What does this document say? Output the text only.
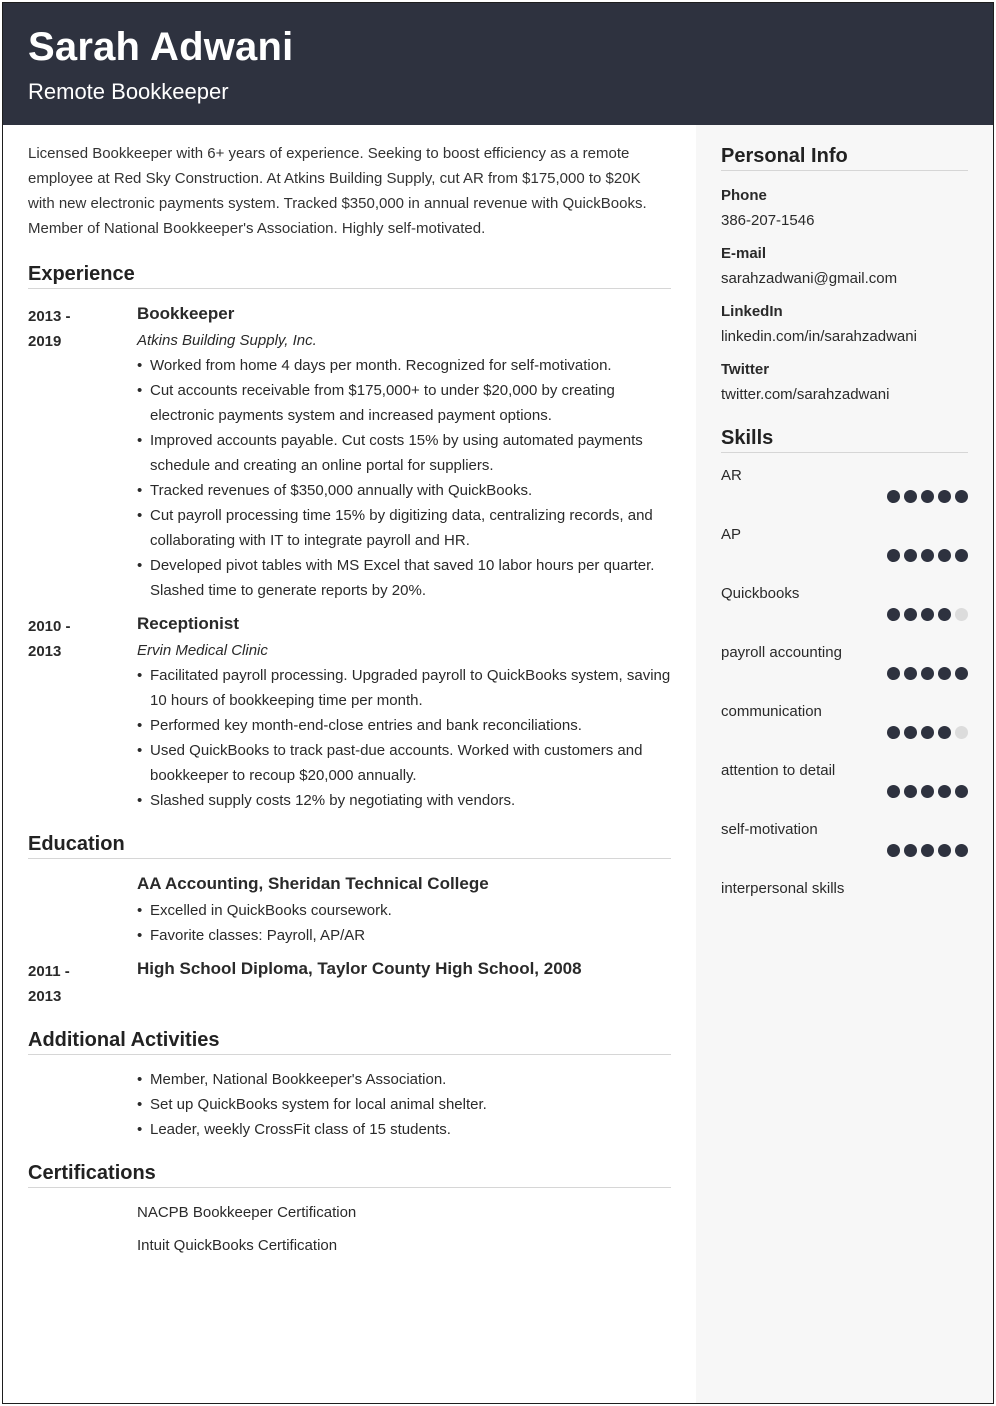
Sarah Adwani
Remote Bookkeeper
Personal Info
Phone
386-207-1546
E-mail
sarahzadwani@gmail.com
LinkedIn
linkedin.com/in/sarahzadwani
Twitter
twitter.com/sarahzadwani
Skills
AR
AP
Quickbooks
payroll accounting
communication
attention to detail
self-motivation
interpersonal skills

Licensed Bookkeeper with 6+ years of experience. Seeking to boost efficiency as a remote employee at Red Sky Construction. At Atkins Building Supply, cut AR from $175,000 to $20K with new electronic payments system. Tracked $350,000 in annual revenue with QuickBooks. Member of National Bookkeeper's Association. Highly self-motivated.

Experience
2013 -
2019
Bookkeeper
Atkins Building Supply, Inc.
• Worked from home 4 days per month. Recognized for self-motivation.
• Cut accounts receivable from $175,000+ to under $20,000 by creating electronic payments system and increased payment options.
• Improved accounts payable. Cut costs 15% by using automated payments schedule and creating an online portal for suppliers.
• Tracked revenues of $350,000 annually with QuickBooks.
• Cut payroll processing time 15% by digitizing data, centralizing records, and collaborating with IT to integrate payroll and HR.
• Developed pivot tables with MS Excel that saved 10 labor hours per quarter. Slashed time to generate reports by 20%.
2010 -
2013
Receptionist
Ervin Medical Clinic
• Facilitated payroll processing. Upgraded payroll to QuickBooks system, saving 10 hours of bookkeeping time per month.
• Performed key month-end-close entries and bank reconciliations.
• Used QuickBooks to track past-due accounts. Worked with customers and bookkeeper to recoup $20,000 annually.
• Slashed supply costs 12% by negotiating with vendors.
Education
AA Accounting, Sheridan Technical College
• Excelled in QuickBooks coursework.
• Favorite classes: Payroll, AP/AR
2011 -
2013
High School Diploma, Taylor County High School, 2008
Additional Activities
• Member, National Bookkeeper's Association.
• Set up QuickBooks system for local animal shelter.
• Leader, weekly CrossFit class of 15 students.
Certifications
NACPB Bookkeeper Certification
Intuit QuickBooks Certification
